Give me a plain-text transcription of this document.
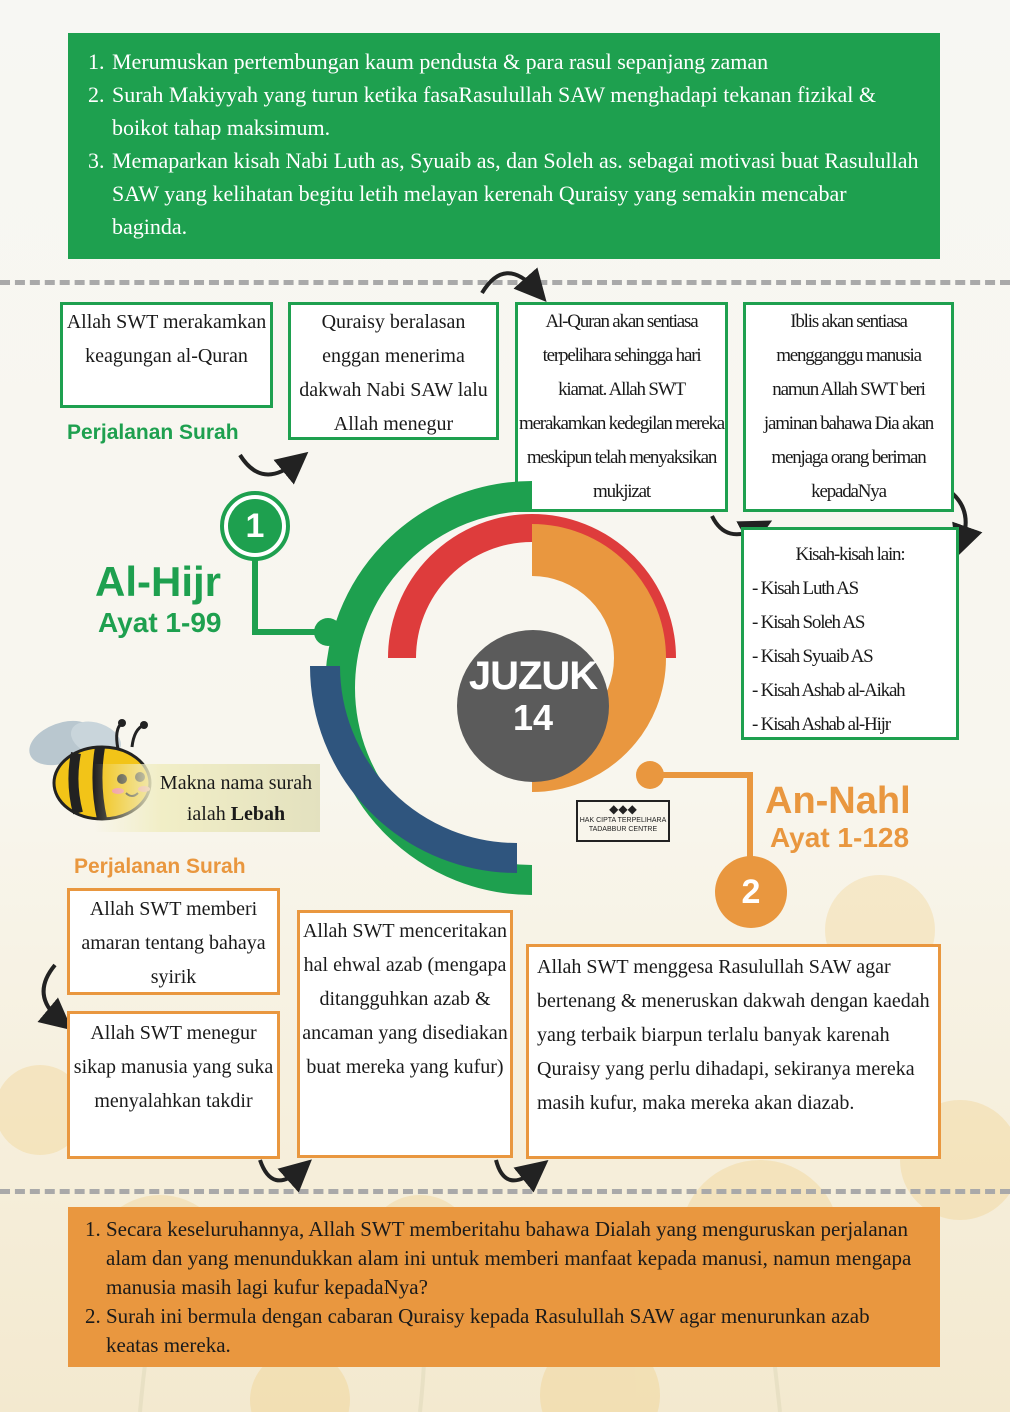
1. Merumuskan pertembungan kaum pendusta & para rasul sepanjang zaman
2. Surah Makiyyah yang turun ketika fasaRasulullah SAW menghadapi tekanan fizikal & boikot tahap maksimum.
3. Memaparkan kisah Nabi Luth as, Syuaib as, dan Soleh as. sebagai motivasi buat Rasulullah SAW yang kelihatan begitu letih melayan kerenah Quraisy yang semakin mencabar baginda.
Allah SWT merakamkan keagungan al-Quran
Quraisy beralasan enggan menerima dakwah Nabi SAW lalu Allah menegur
Al-Quran akan sentiasa terpelihara sehingga hari kiamat. Allah SWT merakamkan kedegilan mereka meskipun telah menyaksikan mukjizat
Iblis akan sentiasa mengganggu manusia namun Allah SWT beri jaminan bahawa Dia akan menjaga orang beriman kepadaNya
Kisah-kisah lain:
- Kisah Luth AS
- Kisah Soleh AS
- Kisah Syuaib AS
- Kisah Ashab al-Aikah
- Kisah Ashab al-Hijr
Perjalanan Surah
JUZUK
14
1
Al-Hijr
Ayat 1-99
An-Nahl
Ayat 1-128
2
◆◆◆
HAK CIPTA TERPELIHARA
TADABBUR CENTRE
Makna nama surah ialah Lebah
Perjalanan Surah
Allah SWT memberi amaran tentang bahaya syirik
Allah SWT menegur sikap manusia yang suka menyalahkan takdir
Allah SWT menceritakan hal ehwal azab (mengapa ditangguhkan azab & ancaman yang disediakan buat mereka yang kufur)
Allah SWT menggesa Rasulullah SAW agar bertenang & meneruskan dakwah dengan kaedah yang terbaik biarpun terlalu banyak karenah Quraisy yang perlu dihadapi, sekiranya mereka masih kufur, maka mereka akan diazab.
1. Secara keseluruhannya, Allah SWT memberitahu bahawa Dialah yang menguruskan perjalanan alam dan yang menundukkan alam ini untuk memberi manfaat kepada manusi, namun mengapa manusia masih lagi kufur kepadaNya?
2. Surah ini bermula dengan cabaran Quraisy kepada Rasulullah SAW agar menurunkan azab keatas mereka.
